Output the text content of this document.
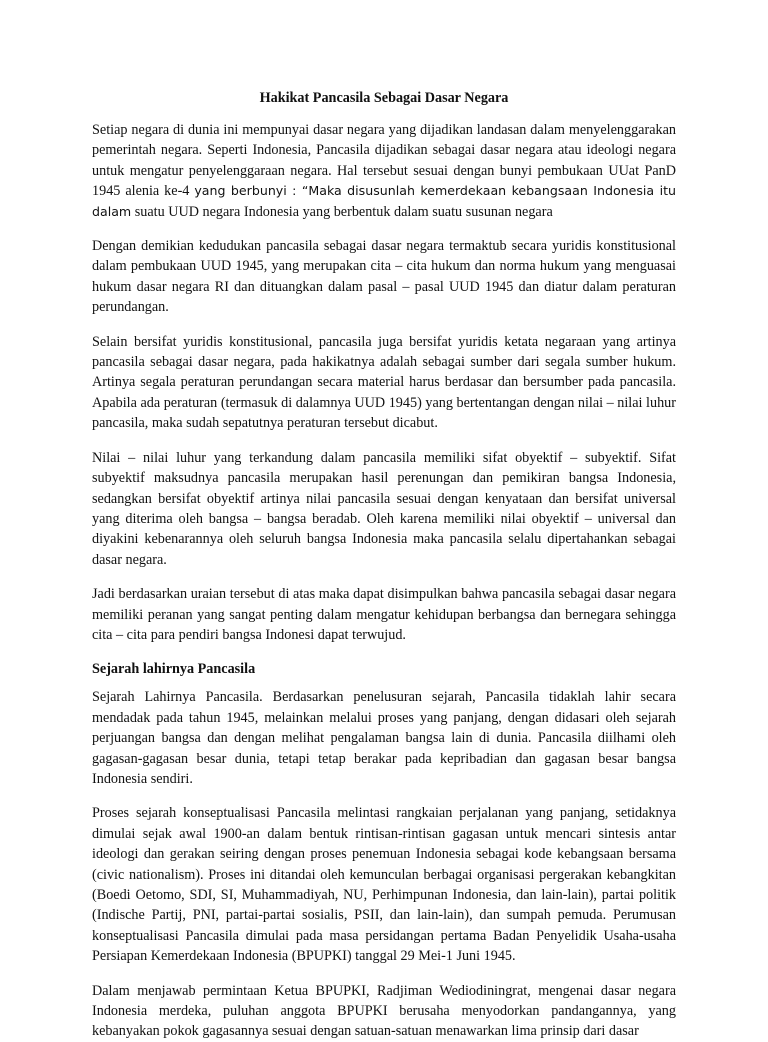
Hakikat Pancasila Sebagai Dasar Negara

Setiap negara di dunia ini mempunyai dasar negara yang dijadikan landasan dalam menyelenggarakan pemerintah negara. Seperti Indonesia, Pancasila dijadikan sebagai dasar negara atau ideologi negara untuk mengatur penyelenggaraan negara. Hal tersebut sesuai dengan bunyi pembukaan UUat PanD 1945 alenia ke-4 yang berbunyi : “Maka disusunlah kemerdekaan kebangsaan Indonesia itu dalam suatu UUD negara Indonesia yang berbentuk dalam suatu susunan negara

Dengan demikian kedudukan pancasila sebagai dasar negara termaktub secara yuridis konstitusional dalam pembukaan UUD 1945, yang merupakan cita – cita hukum dan norma hukum yang menguasai hukum dasar negara RI dan dituangkan dalam pasal – pasal UUD 1945 dan diatur dalam peraturan perundangan.

Selain bersifat yuridis konstitusional, pancasila juga bersifat yuridis ketata negaraan yang artinya pancasila sebagai dasar negara, pada hakikatnya adalah sebagai sumber dari segala sumber hukum. Artinya segala peraturan perundangan secara material harus berdasar dan bersumber pada pancasila. Apabila ada peraturan (termasuk di dalamnya UUD 1945) yang bertentangan dengan nilai – nilai luhur pancasila, maka sudah sepatutnya peraturan tersebut dicabut.

Nilai – nilai luhur yang terkandung dalam pancasila memiliki sifat obyektif – subyektif. Sifat subyektif maksudnya pancasila merupakan hasil perenungan dan pemikiran bangsa Indonesia, sedangkan bersifat obyektif artinya nilai pancasila sesuai dengan kenyataan dan bersifat universal yang diterima oleh bangsa – bangsa beradab. Oleh karena memiliki nilai obyektif – universal dan diyakini kebenarannya oleh seluruh bangsa Indonesia maka pancasila selalu dipertahankan sebagai dasar negara.

Jadi berdasarkan uraian tersebut di atas maka dapat disimpulkan bahwa pancasila sebagai dasar negara memiliki peranan yang sangat penting dalam mengatur kehidupan berbangsa dan bernegara sehingga cita – cita para pendiri bangsa Indonesi dapat terwujud.

Sejarah lahirnya Pancasila

Sejarah Lahirnya Pancasila. Berdasarkan penelusuran sejarah, Pancasila tidaklah lahir secara mendadak pada tahun 1945, melainkan melalui proses yang panjang, dengan didasari oleh sejarah perjuangan bangsa dan dengan melihat pengalaman bangsa lain di dunia. Pancasila diilhami oleh gagasan-gagasan besar dunia, tetapi tetap berakar pada kepribadian dan gagasan besar bangsa Indonesia sendiri.

Proses sejarah konseptualisasi Pancasila melintasi rangkaian perjalanan yang panjang, setidaknya dimulai sejak awal 1900-an dalam bentuk rintisan-rintisan gagasan untuk mencari sintesis antar ideologi dan gerakan seiring dengan proses penemuan Indonesia sebagai kode kebangsaan bersama (civic nationalism). Proses ini ditandai oleh kemunculan berbagai organisasi pergerakan kebangkitan (Boedi Oetomo, SDI, SI, Muhammadiyah, NU, Perhimpunan Indonesia, dan lain-lain), partai politik (Indische Partij, PNI, partai-partai sosialis, PSII, dan lain-lain), dan sumpah pemuda. Perumusan konseptualisasi Pancasila dimulai pada masa persidangan pertama Badan Penyelidik Usaha-usaha Persiapan Kemerdekaan Indonesia (BPUPKI) tanggal 29 Mei-1 Juni 1945.

Dalam menjawab permintaan Ketua BPUPKI, Radjiman Wediodiningrat, mengenai dasar negara Indonesia merdeka, puluhan anggota BPUPKI berusaha menyodorkan pandangannya, yang kebanyakan pokok gagasannya sesuai dengan satuan-satuan menawarkan lima prinsip dari dasar
